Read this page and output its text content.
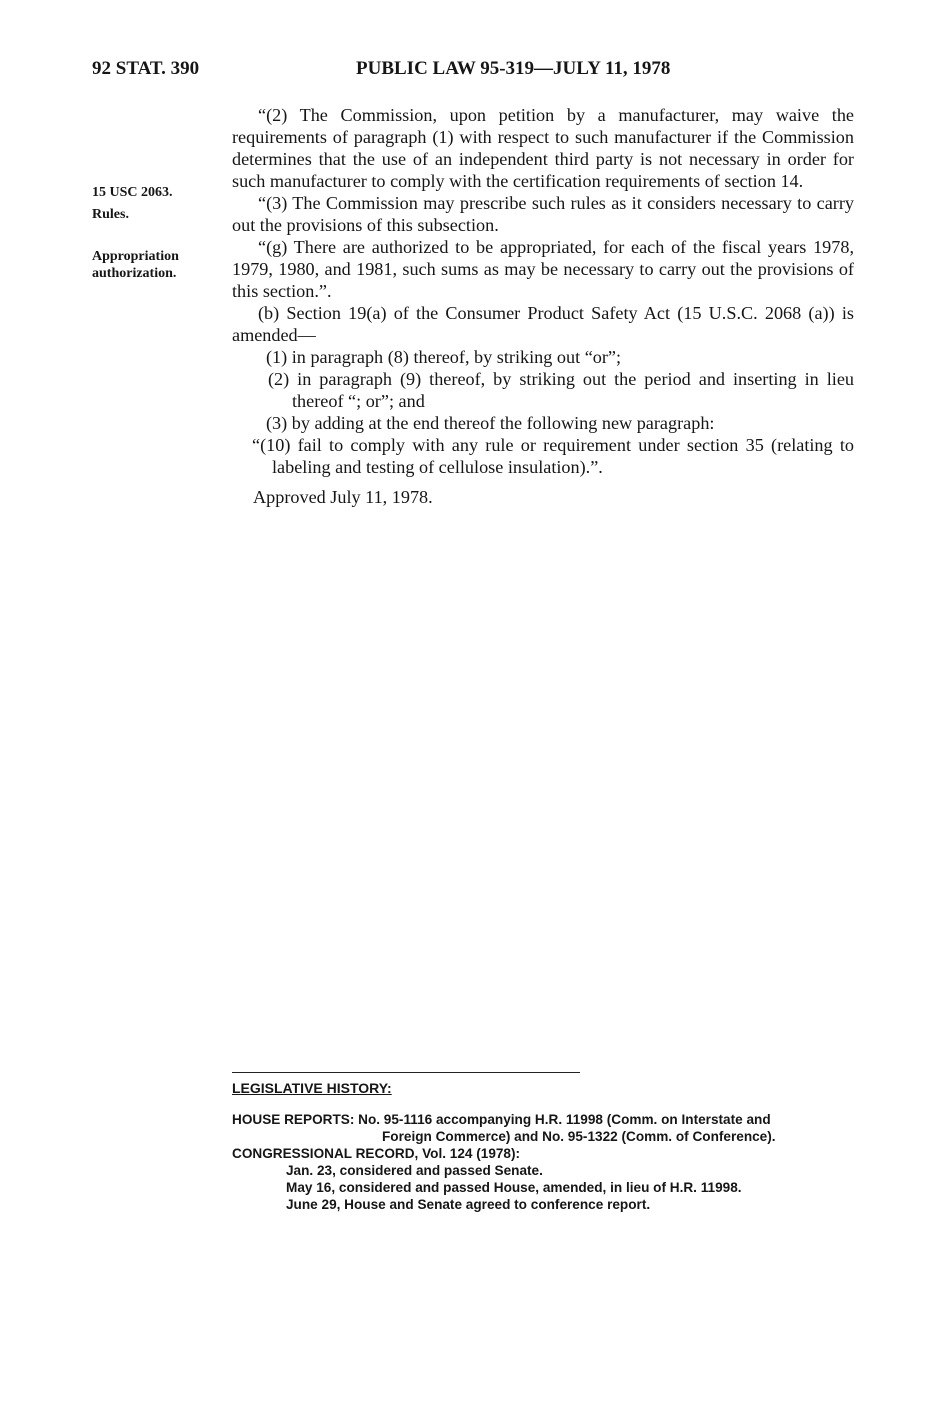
92 STAT. 390	PUBLIC LAW 95-319—JULY 11, 1978
15 USC 2063.
Rules.
Appropriation
authorization.

“(2) The Commission, upon petition by a manufacturer, may waive the requirements of paragraph (1) with respect to such manufacturer if the Commission determines that the use of an independent third party is not necessary in order for such manufacturer to comply with the certification requirements of section 14.

“(3) The Commission may prescribe such rules as it considers necessary to carry out the provisions of this subsection.

“(g) There are authorized to be appropriated, for each of the fiscal years 1978, 1979, 1980, and 1981, such sums as may be necessary to carry out the provisions of this section.”.

(b) Section 19(a) of the Consumer Product Safety Act (15 U.S.C. 2068 (a)) is amended—

(1) in paragraph (8) thereof, by striking out “or”;

(2) in paragraph (9) thereof, by striking out the period and inserting in lieu thereof “; or”; and

(3) by adding at the end thereof the following new paragraph:

“(10) fail to comply with any rule or requirement under section 35 (relating to labeling and testing of cellulose insulation).”.

Approved July 11, 1978.
LEGISLATIVE HISTORY:
HOUSE REPORTS: No. 95-1116 accompanying H.R. 11998 (Comm. on Interstate and
Foreign Commerce) and No. 95-1322 (Comm. of Conference).
CONGRESSIONAL RECORD, Vol. 124 (1978):
Jan. 23, considered and passed Senate.
May 16, considered and passed House, amended, in lieu of H.R. 11998.
June 29, House and Senate agreed to conference report.
